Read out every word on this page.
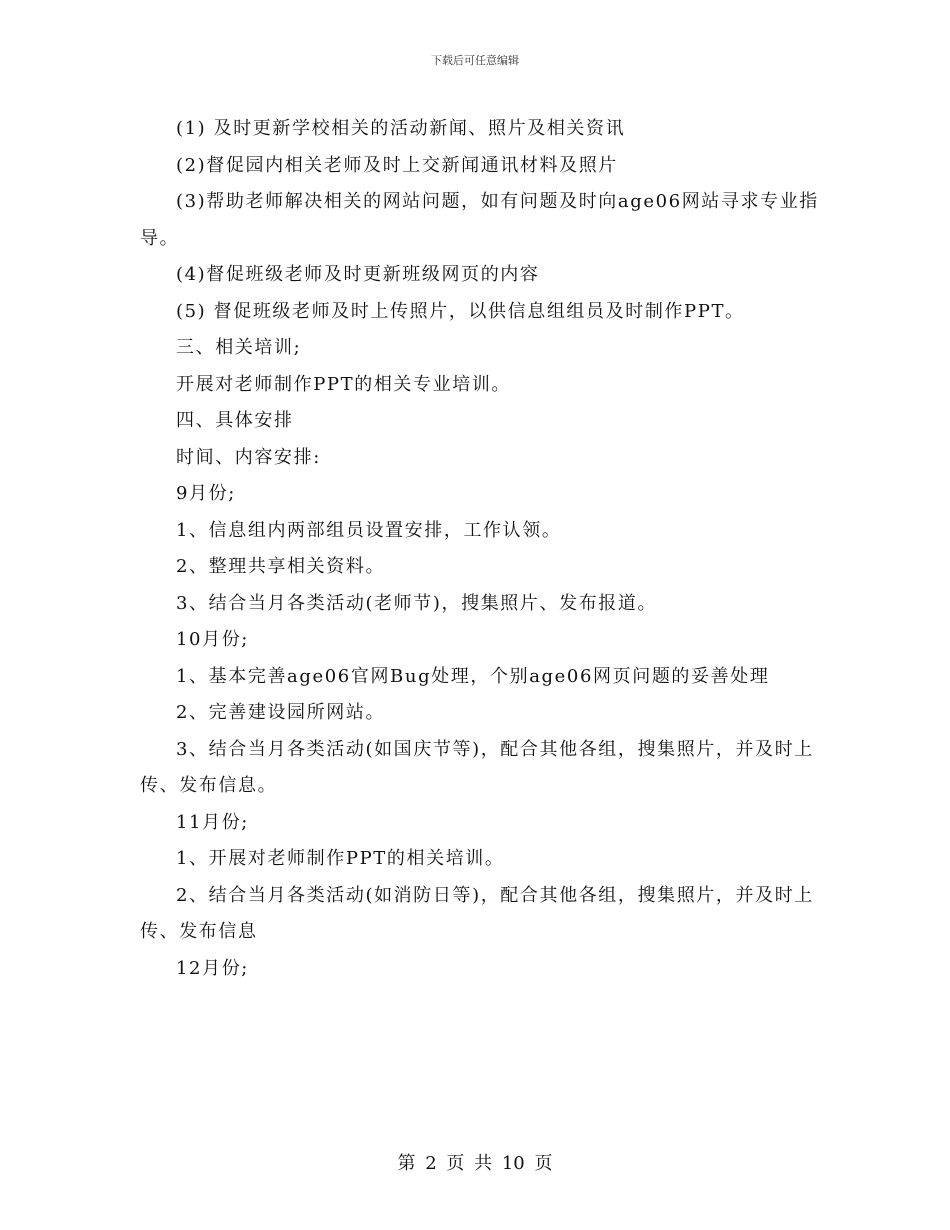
下载后可任意编辑

(1) 及时更新学校相关的活动新闻、照片及相关资讯

(2)督促园内相关老师及时上交新闻通讯材料及照片

(3)帮助老师解决相关的网站问题，如有问题及时向age06网站寻求专业指导。

(4)督促班级老师及时更新班级网页的内容

(5) 督促班级老师及时上传照片，以供信息组组员及时制作PPT。

三、相关培训;

开展对老师制作PPT的相关专业培训。

四、具体安排

时间、内容安排:

9月份;

1、信息组内两部组员设置安排，工作认领。

2、整理共享相关资料。

3、结合当月各类活动(老师节)，搜集照片、发布报道。

10月份;

1、基本完善age06官网Bug处理，个别age06网页问题的妥善处理

2、完善建设园所网站。

3、结合当月各类活动(如国庆节等)，配合其他各组，搜集照片，并及时上传、发布信息。

11月份;

1、开展对老师制作PPT的相关培训。

2、结合当月各类活动(如消防日等)，配合其他各组，搜集照片，并及时上传、发布信息

12月份;

第 2 页 共 10 页
